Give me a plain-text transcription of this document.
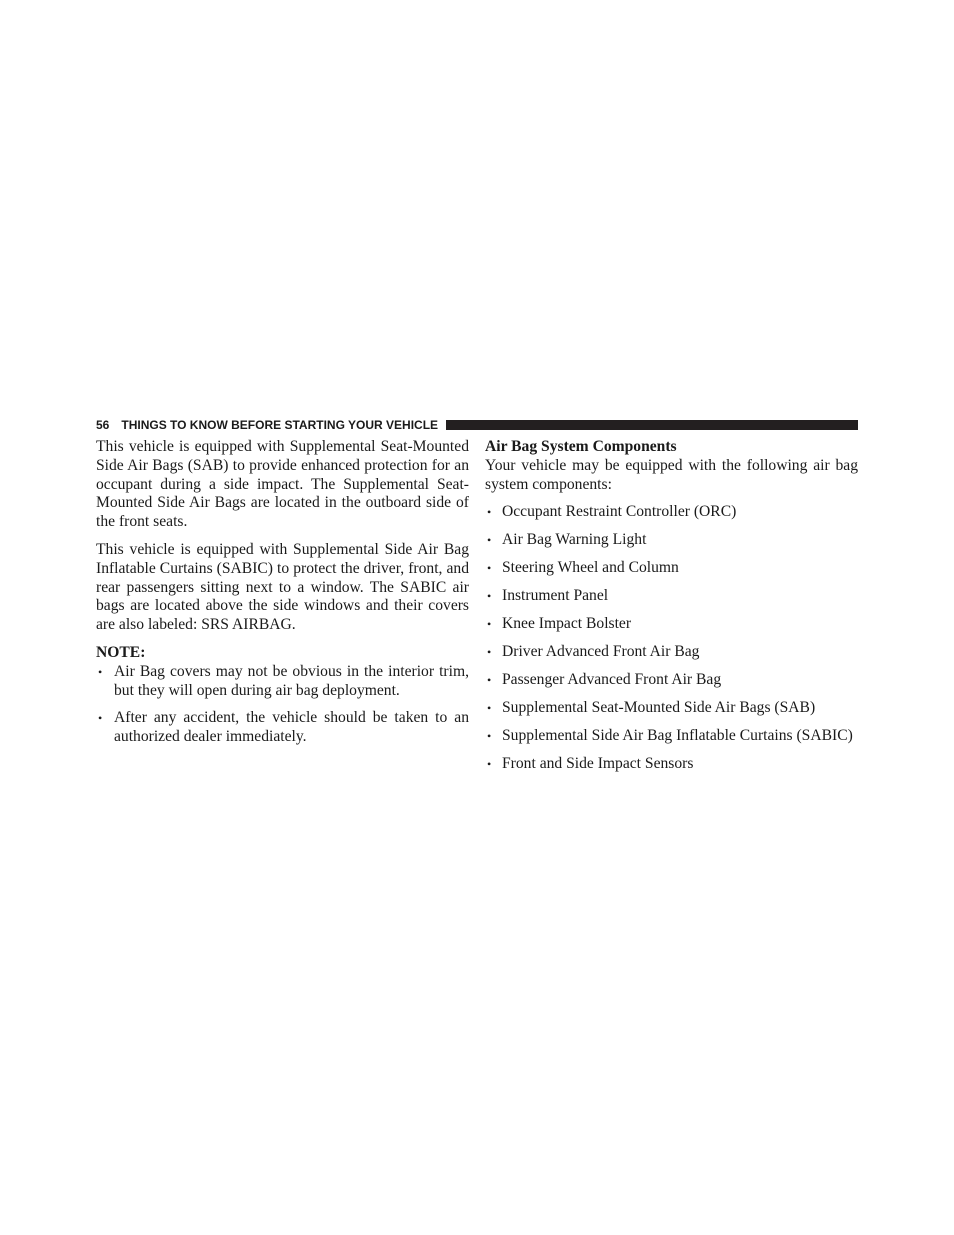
56 THINGS TO KNOW BEFORE STARTING YOUR VEHICLE

This vehicle is equipped with Supplemental Seat-Mounted Side Air Bags (SAB) to provide enhanced protection for an occupant during a side impact. The Supplemental Seat-Mounted Side Air Bags are located in the outboard side of the front seats.

This vehicle is equipped with Supplemental Side Air Bag Inflatable Curtains (SABIC) to protect the driver, front, and rear passengers sitting next to a window. The SABIC air bags are located above the side windows and their covers are also labeled: SRS AIRBAG.

NOTE:
• Air Bag covers may not be obvious in the interior trim, but they will open during air bag deployment.
• After any accident, the vehicle should be taken to an authorized dealer immediately.
Air Bag System Components

Your vehicle may be equipped with the following air bag system components:

• Occupant Restraint Controller (ORC)
• Air Bag Warning Light
• Steering Wheel and Column
• Instrument Panel
• Knee Impact Bolster
• Driver Advanced Front Air Bag
• Passenger Advanced Front Air Bag
• Supplemental Seat-Mounted Side Air Bags (SAB)
• Supplemental Side Air Bag Inflatable Curtains (SABIC)
• Front and Side Impact Sensors
